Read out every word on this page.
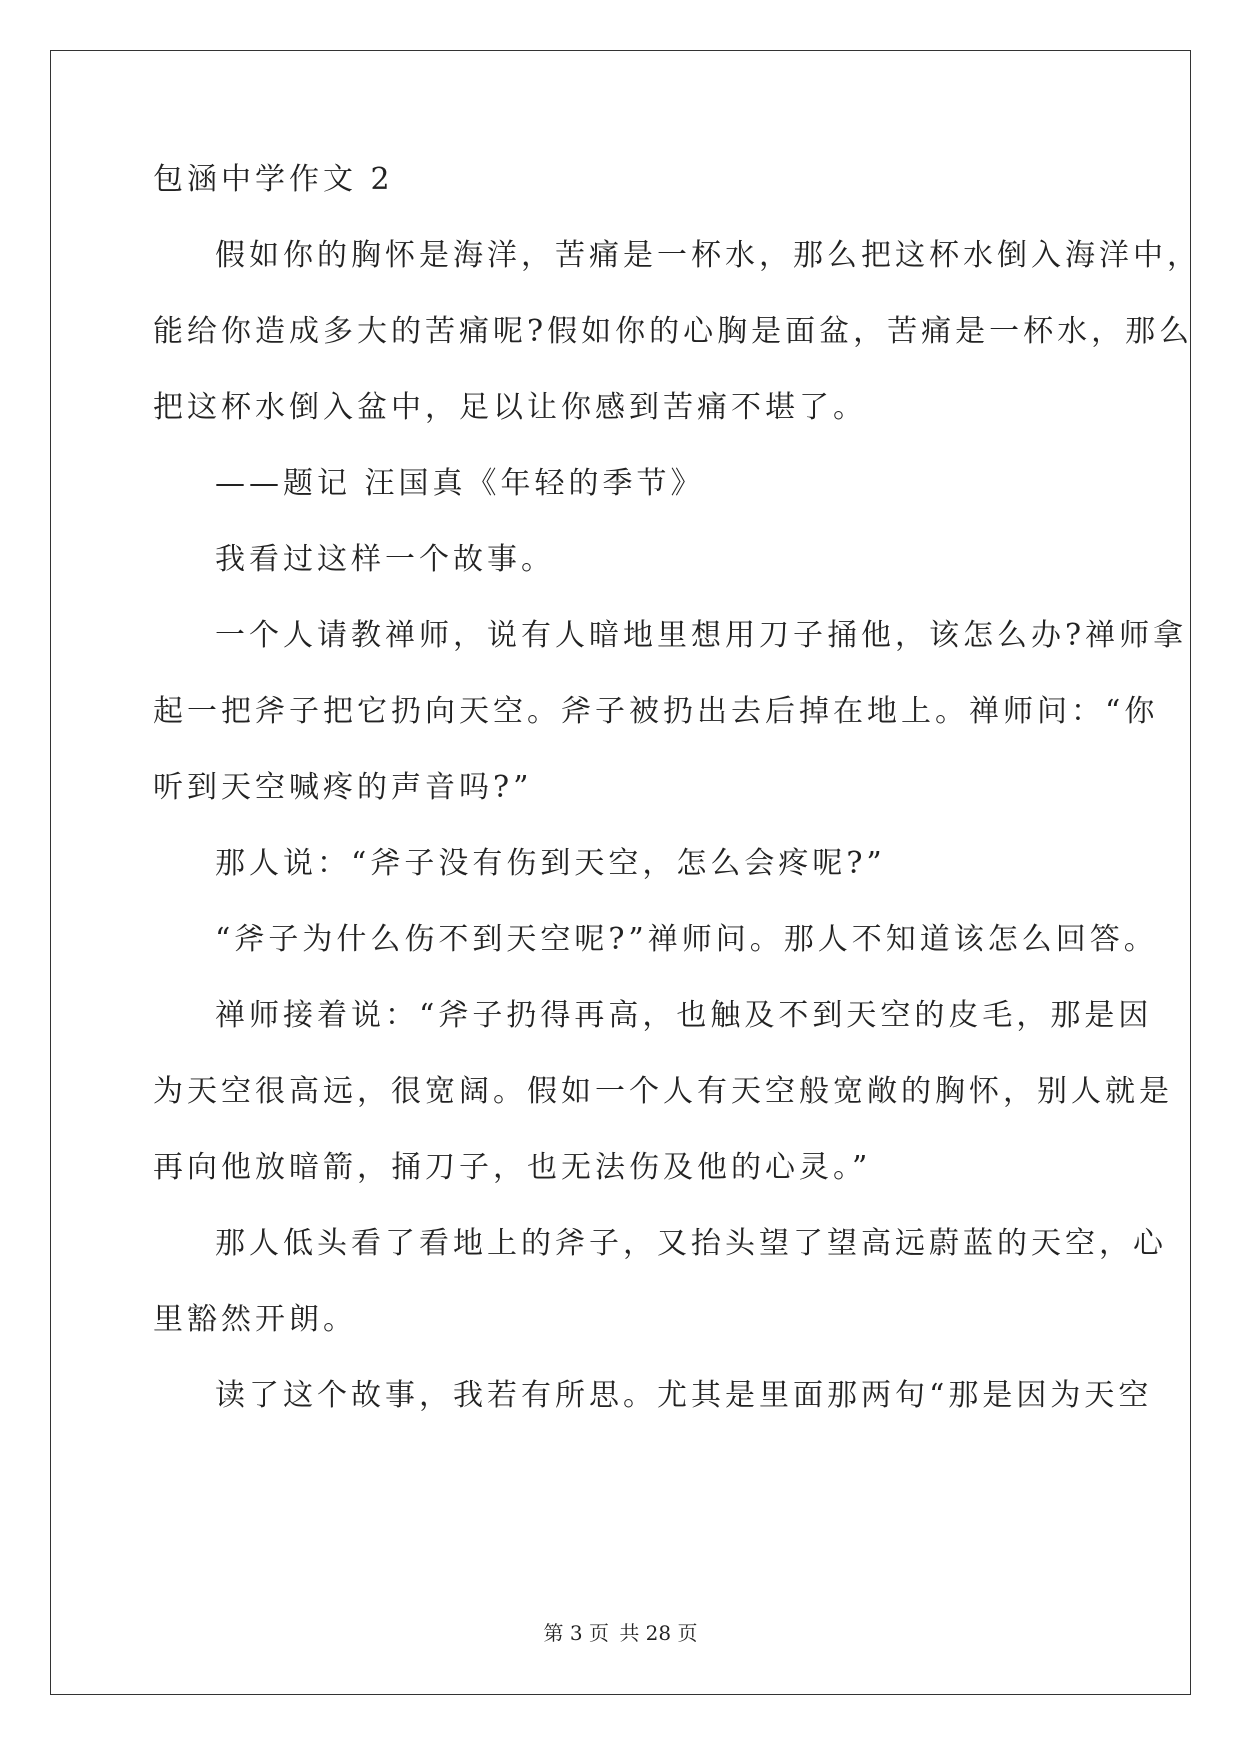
包涵中学作文 2
假如你的胸怀是海洋，苦痛是一杯水，那么把这杯水倒入海洋中，
能给你造成多大的苦痛呢?假如你的心胸是面盆，苦痛是一杯水，那么
把这杯水倒入盆中，足以让你感到苦痛不堪了。
——题记 汪国真《年轻的季节》
我看过这样一个故事。
一个人请教禅师，说有人暗地里想用刀子捅他，该怎么办?禅师拿
起一把斧子把它扔向天空。斧子被扔出去后掉在地上。禅师问：“你
听到天空喊疼的声音吗?”
那人说：“斧子没有伤到天空，怎么会疼呢?”
“斧子为什么伤不到天空呢?”禅师问。那人不知道该怎么回答。
禅师接着说：“斧子扔得再高，也触及不到天空的皮毛，那是因
为天空很高远，很宽阔。假如一个人有天空般宽敞的胸怀，别人就是
再向他放暗箭，捅刀子，也无法伤及他的心灵。”
那人低头看了看地上的斧子，又抬头望了望高远蔚蓝的天空，心
里豁然开朗。
读了这个故事，我若有所思。尤其是里面那两句“那是因为天空
第 3 页 共 28 页
